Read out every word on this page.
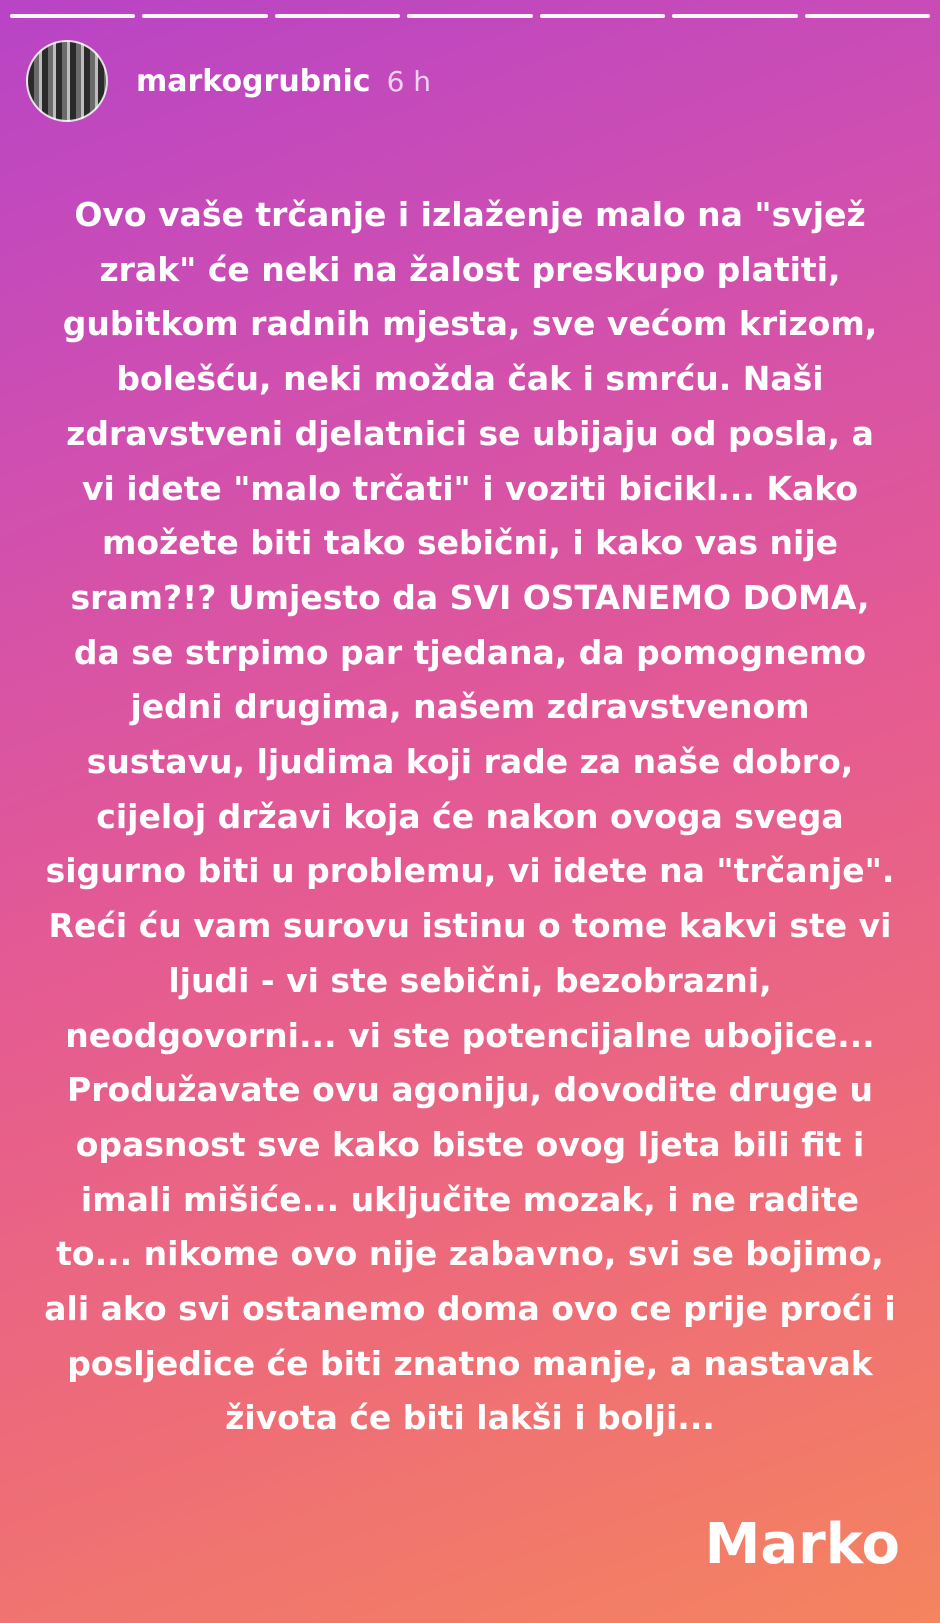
markogrubnic 6 h
Ovo vaše trčanje i izlaženje malo na "svjež
zrak" će neki na žalost preskupo platiti,
gubitkom radnih mjesta, sve većom krizom,
bolešću, neki možda čak i smrću. Naši
zdravstveni djelatnici se ubijaju od posla, a
vi idete "malo trčati" i voziti bicikl... Kako
možete biti tako sebični, i kako vas nije
sram?!? Umjesto da SVI OSTANEMO DOMA,
da se strpimo par tjedana, da pomognemo
jedni drugima, našem zdravstvenom
sustavu, ljudima koji rade za naše dobro,
cijeloj državi koja će nakon ovoga svega
sigurno biti u problemu, vi idete na "trčanje".
Reći ću vam surovu istinu o tome kakvi ste vi
ljudi - vi ste sebični, bezobrazni,
neodgovorni... vi ste potencijalne ubojice...
Produžavate ovu agoniju, dovodite druge u
opasnost sve kako biste ovog ljeta bili fit i
imali mišiće... uključite mozak, i ne radite
to... nikome ovo nije zabavno, svi se bojimo,
ali ako svi ostanemo doma ovo ce prije proći i
posljedice će biti znatno manje, a nastavak
života će biti lakši i bolji...
Marko
